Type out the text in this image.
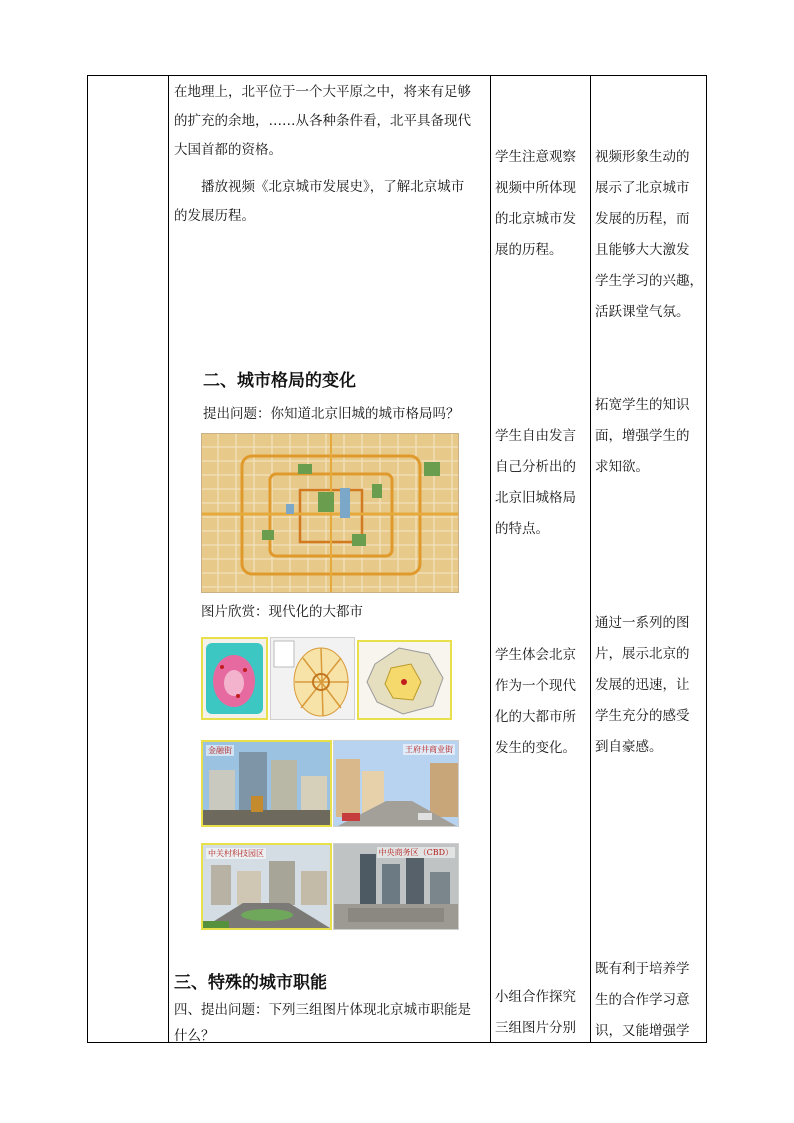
在地理上，北平位于一个大平原之中，将来有足够
的扩充的余地，……从各种条件看，北平具备现代
大国首都的资格。
播放视频《北京城市发展史》，了解北京城市
的发展历程。
二、城市格局的变化
提出问题：你知道北京旧城的城市格局吗？
图片欣赏：现代化的大都市
金融街	王府井商业街
中关村科技园区	中央商务区（CBD）
三、特殊的城市职能
四、提出问题：下列三组图片体现北京城市职能是
什么？
学生注意观察
视频中所体现
的北京城市发
展的历程。
学生自由发言
自己分析出的
北京旧城格局
的特点。
学生体会北京
作为一个现代
化的大都市所
发生的变化。
小组合作探究
三组图片分别
视频形象生动的
展示了北京城市
发展的历程，而
且能够大大激发
学生学习的兴趣，
活跃课堂气氛。
拓宽学生的知识
面，增强学生的
求知欲。
通过一系列的图
片，展示北京的
发展的迅速，让
学生充分的感受
到自豪感。
既有利于培养学
生的合作学习意
识，又能增强学
